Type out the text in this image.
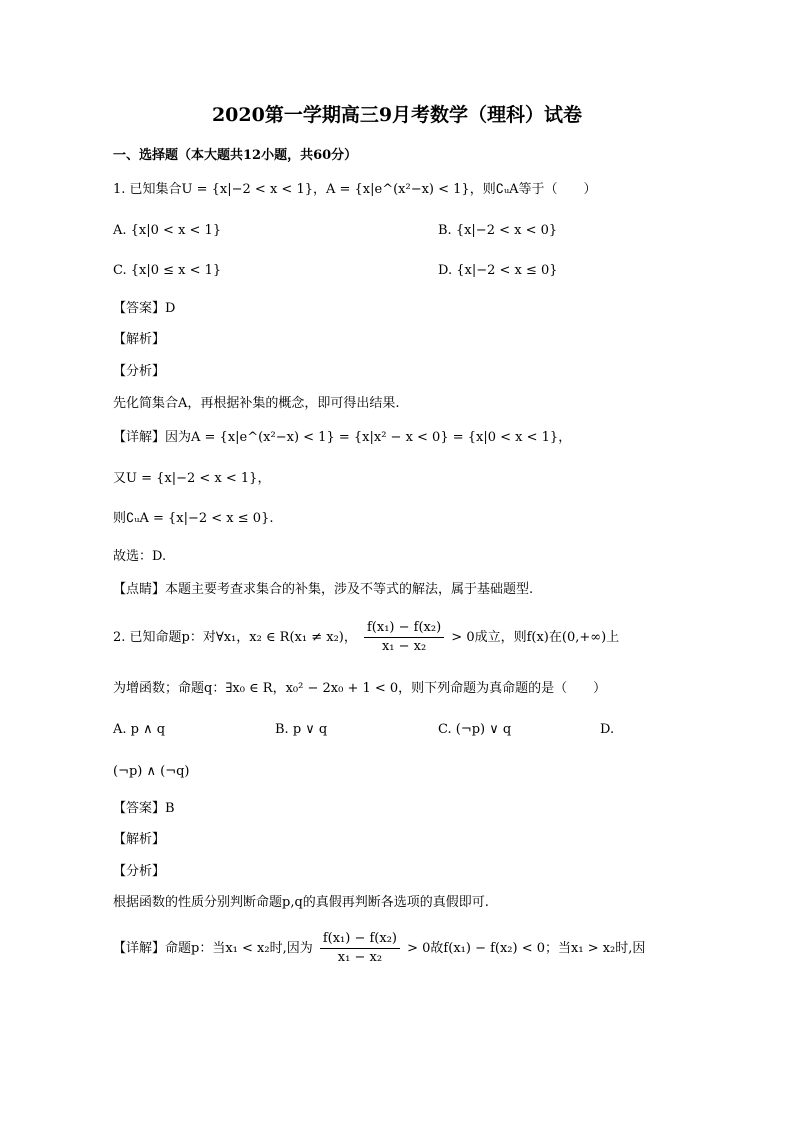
2020第一学期高三9月考数学（理科）试卷
一、选择题（本大题共12小题，共60分）
1. 已知集合U = {x|−2 < x < 1}，A = {x|e^(x²−x) < 1}，则∁ᵤA等于（　　）
A. {x|0 < x < 1}	B. {x|−2 < x < 0}
C. {x|0 ≤ x < 1}	D. {x|−2 < x ≤ 0}
【答案】D
【解析】
【分析】
先化简集合A，再根据补集的概念，即可得出结果.
【详解】因为A = {x|e^(x²−x) < 1} = {x|x² − x < 0} = {x|0 < x < 1}，
又U = {x|−2 < x < 1}，
则∁ᵤA = {x|−2 < x ≤ 0}.
故选：D.
【点睛】本题主要考查求集合的补集，涉及不等式的解法，属于基础题型.
2. 已知命题p：对∀x₁，x₂ ∈ R(x₁ ≠ x₂)， $\frac{\text{f(x₁) − f(x₂)}}{\text{x₁ − x₂}} > 0$成立，则f(x)在(0,+∞)上
为增函数；命题q：∃x₀ ∈ R，x₀² − 2x₀ + 1 < 0，则下列命题为真命题的是（　　）
A. p ∧ q	B. p ∨ q	C. (¬p) ∨ q	D.
(¬p) ∧ (¬q)
【答案】B
【解析】
【分析】
根据函数的性质分别判断命题p,q的真假再判断各选项的真假即可.
【详解】命题p：当x₁ < x₂时,因为 $\frac{\text{f(x₁) − f(x₂)}}{\text{x₁ − x₂}} > 0$故f(x₁) − f(x₂) < 0；当x₁ > x₂时,因
